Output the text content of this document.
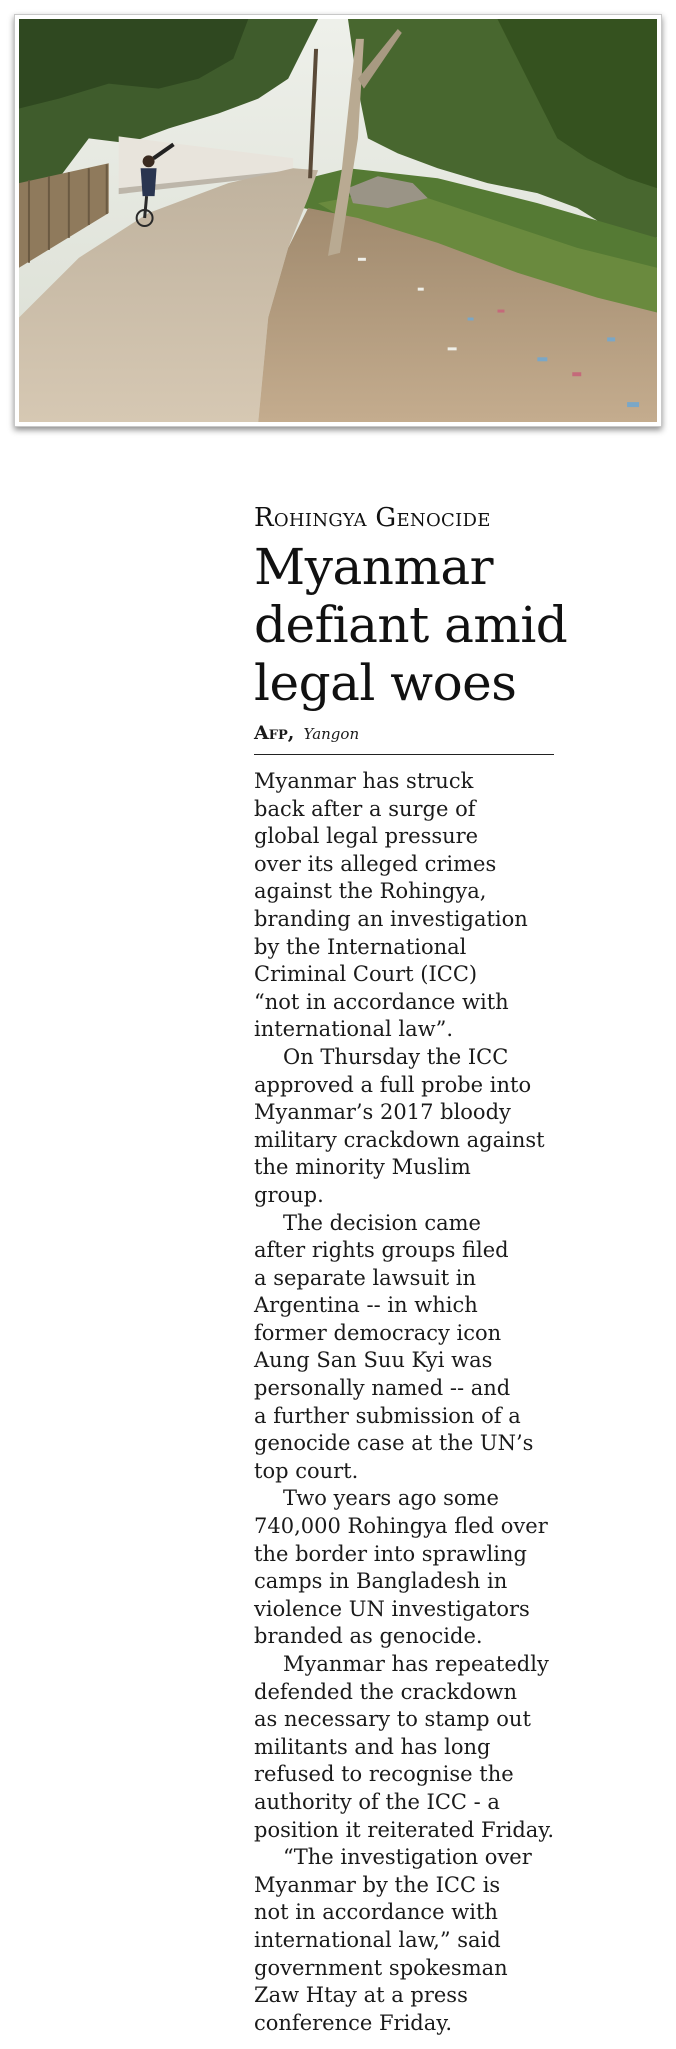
Rohingya Genocide
Myanmar
defiant amid
legal woes
Afp, Yangon
Myanmar has struck
back after a surge of
global legal pressure
over its alleged crimes
against the Rohingya,
branding an investigation
by the International
Criminal Court (ICC)
“not in accordance with
international law”.
On Thursday the ICC
approved a full probe into
Myanmar’s 2017 bloody
military crackdown against
the minority Muslim
group.
The decision came
after rights groups filed
a separate lawsuit in
Argentina -- in which
former democracy icon
Aung San Suu Kyi was
personally named -- and
a further submission of a
genocide case at the UN’s
top court.
Two years ago some
740,000 Rohingya fled over
the border into sprawling
camps in Bangladesh in
violence UN investigators
branded as genocide.
Myanmar has repeatedly
defended the crackdown
as necessary to stamp out
militants and has long
refused to recognise the
authority of the ICC - a
position it reiterated Friday.
“The investigation over
Myanmar by the ICC is
not in accordance with
international law,” said
government spokesman
Zaw Htay at a press
conference Friday.
